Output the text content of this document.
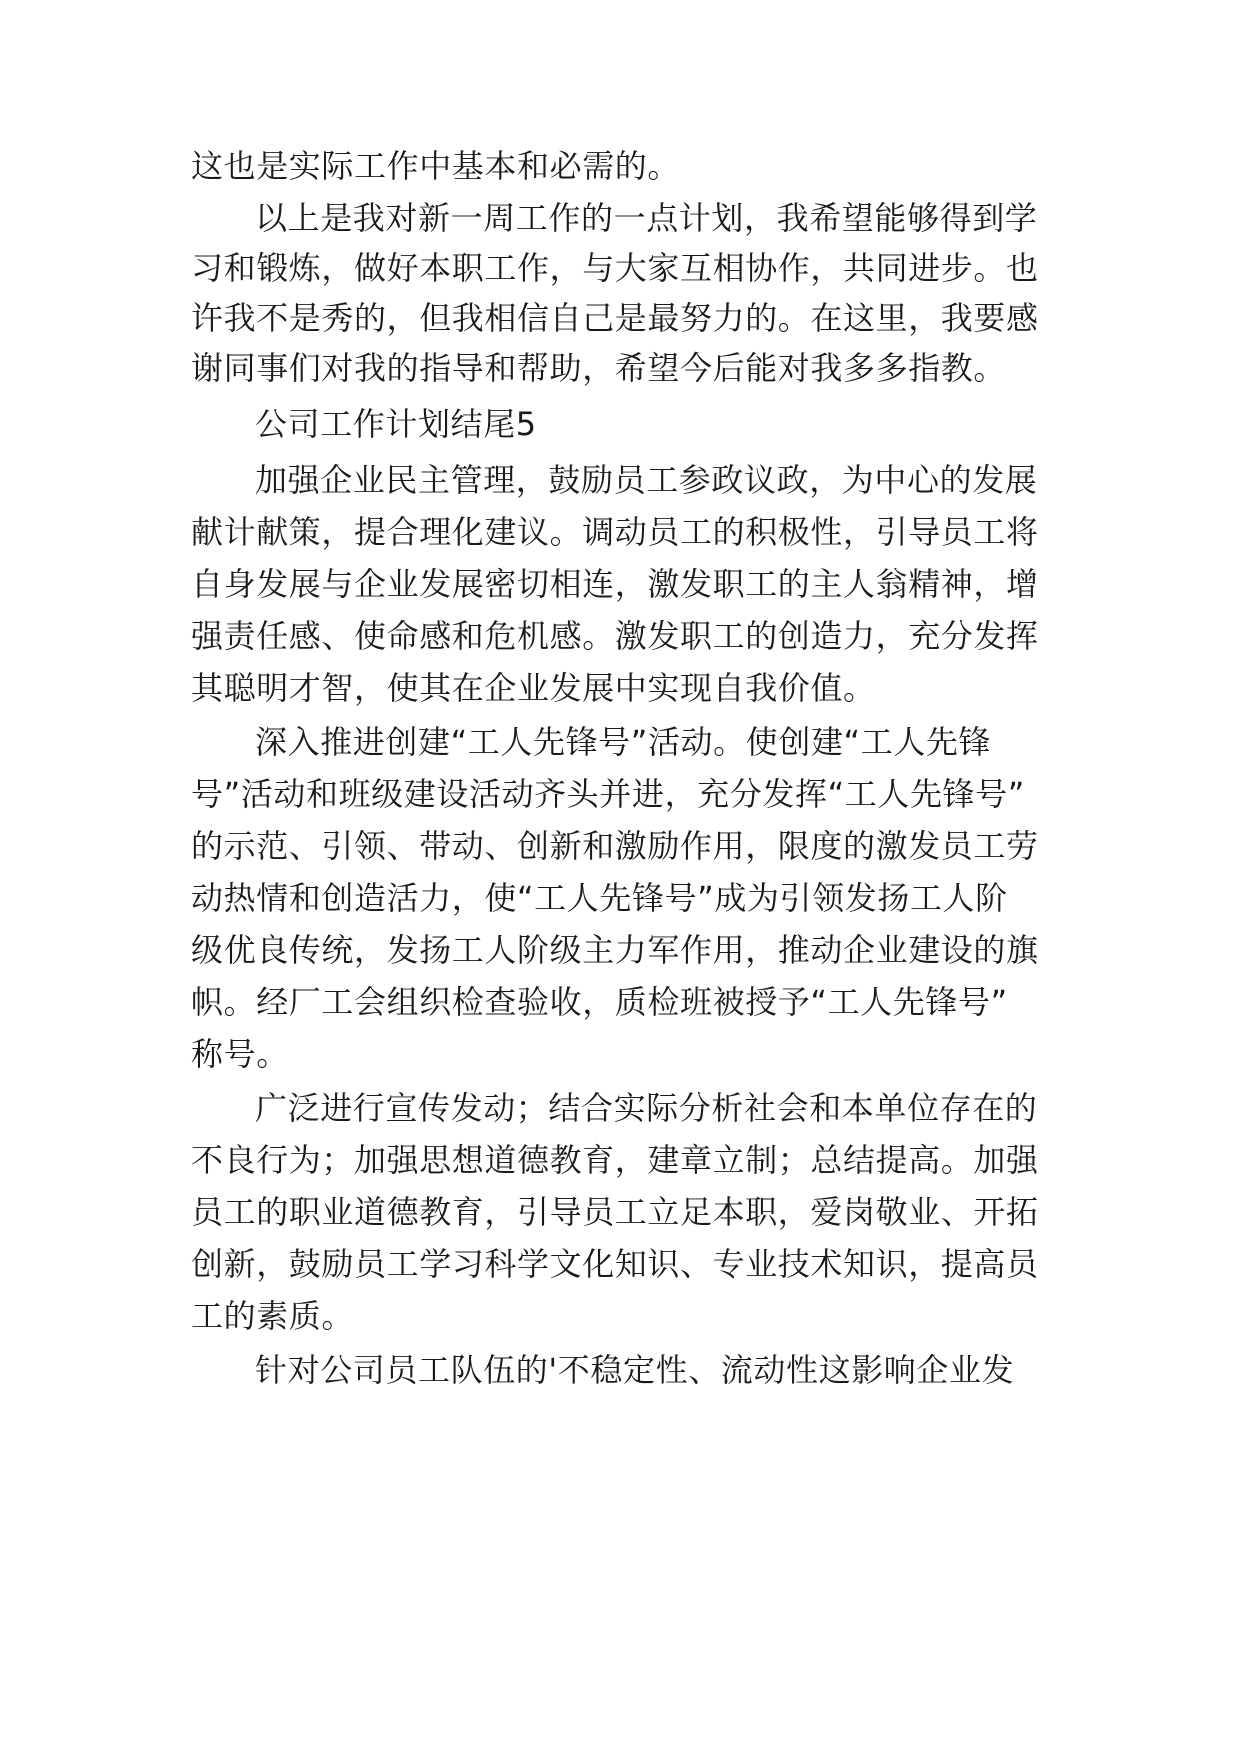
这也是实际工作中基本和必需的。
以上是我对新一周工作的一点计划，我希望能够得到学
习和锻炼，做好本职工作，与大家互相协作，共同进步。也
许我不是秀的，但我相信自己是最努力的。在这里，我要感
谢同事们对我的指导和帮助，希望今后能对我多多指教。
公司工作计划结尾5
加强企业民主管理，鼓励员工参政议政，为中心的发展
献计献策，提合理化建议。调动员工的积极性，引导员工将
自身发展与企业发展密切相连，激发职工的主人翁精神，增
强责任感、使命感和危机感。激发职工的创造力，充分发挥
其聪明才智，使其在企业发展中实现自我价值。
深入推进创建“工人先锋号”活动。使创建“工人先锋
号”活动和班级建设活动齐头并进，充分发挥“工人先锋号”
的示范、引领、带动、创新和激励作用，限度的激发员工劳
动热情和创造活力，使“工人先锋号”成为引领发扬工人阶
级优良传统，发扬工人阶级主力军作用，推动企业建设的旗
帜。经厂工会组织检查验收，质检班被授予“工人先锋号”
称号。
广泛进行宣传发动；结合实际分析社会和本单位存在的
不良行为；加强思想道德教育，建章立制；总结提高。加强
员工的职业道德教育，引导员工立足本职，爱岗敬业、开拓
创新，鼓励员工学习科学文化知识、专业技术知识，提高员
工的素质。
针对公司员工队伍的'不稳定性、流动性这影响企业发
